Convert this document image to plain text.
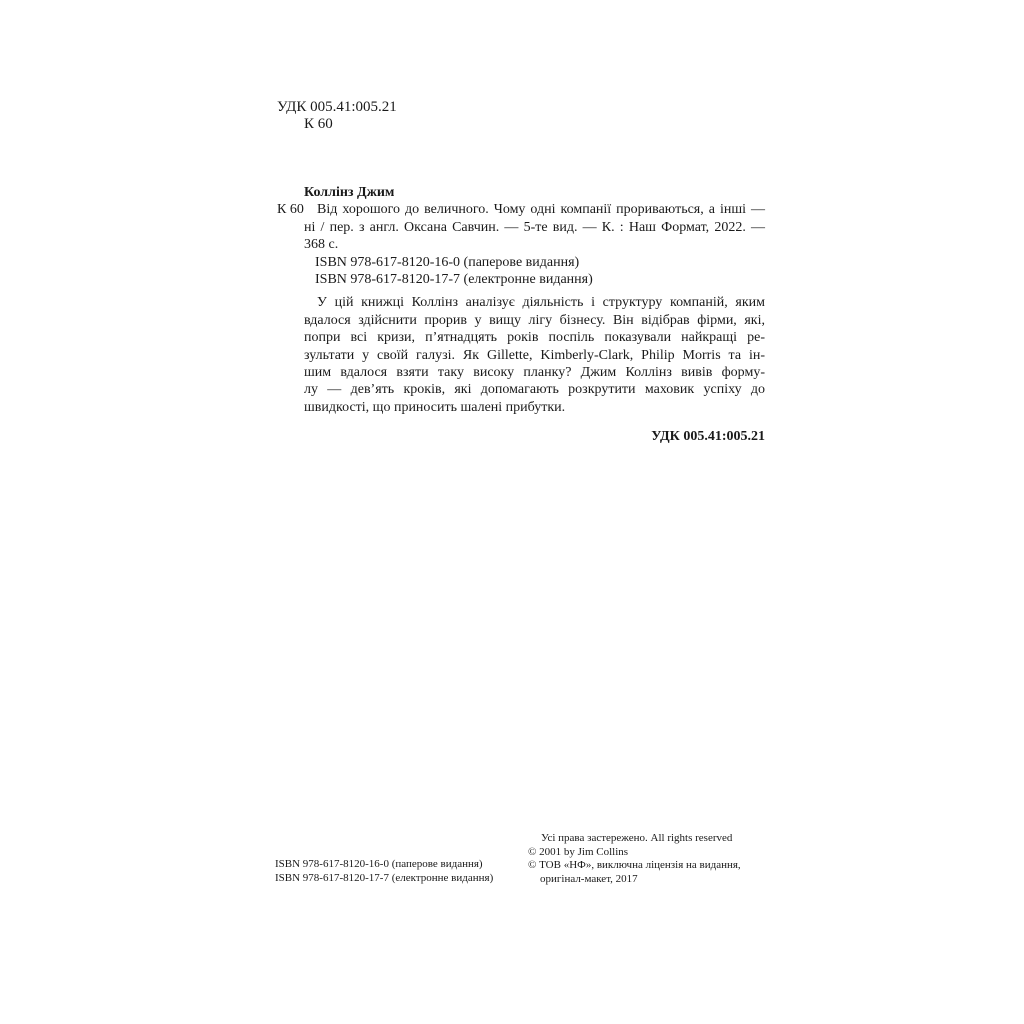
УДК 005.41:005.21
К 60
Коллінз Джим
К 60 Від хорошого до величного. Чому одні компанії прориваються, а інші —
ні / пер. з англ. Оксана Савчин. — 5-те вид. — К. : Наш Формат, 2022. —
368 с.
ISBN 978-617-8120-16-0 (паперове видання)
ISBN 978-617-8120-17-7 (електронне видання)
У цій книжці Коллінз аналізує діяльність і структуру компаній, яким
вдалося здійснити прорив у вищу лігу бізнесу. Він відібрав фірми, які,
попри всі кризи, п’ятнадцять років поспіль показували найкращі ре-
зультати у своїй галузі. Як Gillette, Kimberly-Clark, Philip Morris та ін-
шим вдалося взяти таку високу планку? Джим Коллінз вивів форму-
лу — дев’ять кроків, які допомагають розкрутити маховик успіху до
швидкості, що приносить шалені прибутки.
УДК 005.41:005.21
ISBN 978-617-8120-16-0 (паперове видання)
ISBN 978-617-8120-17-7 (електронне видання)
Усі права застережено. All rights reserved
© 2001 by Jim Collins
© ТОВ «НФ», виключна ліцензія на видання,
оригінал-макет, 2017
